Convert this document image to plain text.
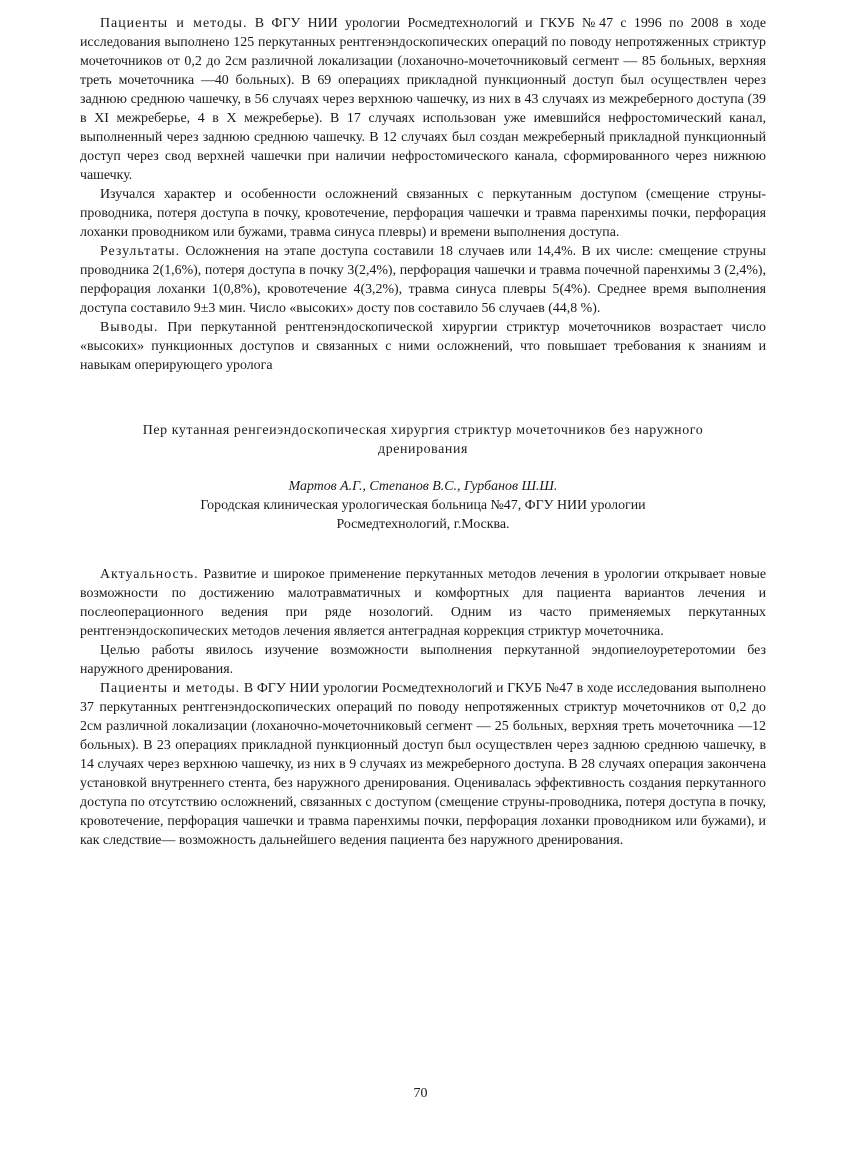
Пациенты и методы. В ФГУ НИИ урологии Росмедтехнологий и ГКУБ №47 с 1996 по 2008 в ходе исследования выполнено 125 перкутанных рентгенэндоскопических операций по поводу непротяженных стриктур мочеточников от 0,2 до 2см различной локализации (лоханочно-мочеточниковый сегмент — 85 больных, верхняя треть мочеточника —40 больных). В 69 операциях прикладной пункционный доступ был осуществлен через заднюю среднюю чашечку, в 56 случаях через верхнюю чашечку, из них в 43 случаях из межреберного доступа (39 в XI межреберье, 4 в X межреберье). В 17 случаях использован уже имевшийся нефростомический канал, выполненный через заднюю среднюю чашечку. В 12 случаях был создан межреберный прикладной пункционный доступ через свод верхней чашечки при наличии нефростомического канала, сформированного через нижнюю чашечку.

Изучался характер и особенности осложнений связанных с перкутанным доступом (смещение струны-проводника, потеря доступа в почку, кровотечение, перфорация чашечки и травма паренхимы почки, перфорация лоханки проводником или бужами, травма синуса плевры) и времени выполнения доступа.

Результаты. Осложнения на этапе доступа составили 18 случаев или 14,4%. В их числе: смещение струны проводника 2(1,6%), потеря доступа в почку 3(2,4%), перфорация чашечки и травма почечной паренхимы 3 (2,4%), перфорация лоханки 1(0,8%), кровотечение 4(3,2%), травма синуса плевры 5(4%). Среднее время выполнения доступа составило 9±3 мин. Число «высоких» досту пов составило 56 случаев (44,8 %).

Выводы. При перкутанной рентгенэндоскопической хирургии стриктур мочеточников возрастает число «высоких» пункционных доступов и связанных с ними осложнений, что повышает требования к знаниям и навыкам оперирующего уролога

Пер кутанная ренгеиэндоскопическая хирургия стриктур мочеточников без наружного дренирования

Мартов А.Г., Степанов В.С., Гурбанов Ш.Ш.

Городская клиническая урологическая больница №47, ФГУ НИИ урологии

Росмедтехнологий, г.Москва.

Актуальность. Развитие и широкое применение перкутанных методов лечения в урологии открывает новые возможности по достижению малотравматичных и комфортных для пациента вариантов лечения и послеоперационного ведения при ряде нозологий. Одним из часто применяемых перкутанных рентгенэндоскопических методов лечения является антеградная коррекция стриктур мочеточника.

Целью работы явилось изучение возможности выполнения перкутанной эндопиелоуретеротомии без наружного дренирования.

Пациенты и методы. В ФГУ НИИ урологии Росмедтехнологий и ГКУБ №47 в ходе исследования выполнено 37 перкутанных рентгенэндоскопических операций по поводу непротяженных стриктур мочеточников от 0,2 до 2см различной локализации (лоханочно-мочеточниковый сегмент — 25 больных, верхняя треть мочеточника —12 больных). В 23 операциях прикладной пункционный доступ был осуществлен через заднюю среднюю чашечку, в 14 случаях через верхнюю чашечку, из них в 9 случаях из межреберного доступа. В 28 случаях операция закончена установкой внутреннего стента, без наружного дренирования. Оценивалась эффективность создания перкутанного доступа по отсутствию осложнений, связанных с доступом (смещение струны-проводника, потеря доступа в почку, кровотечение, перфорация чашечки и травма паренхимы почки, перфорация лоханки проводником или бужами), и как следствие— возможность дальнейшего ведения пациента без наружного дренирования.

70
